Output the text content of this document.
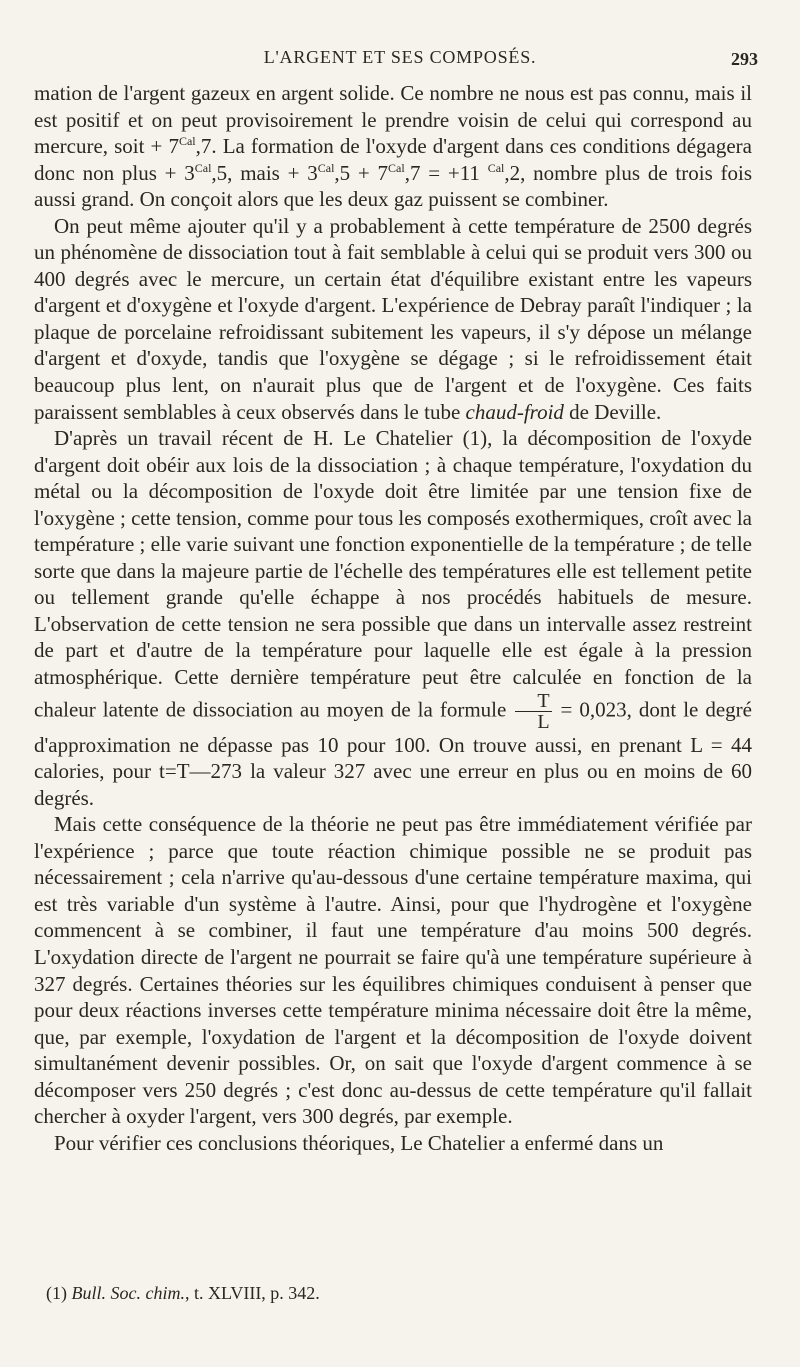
L'ARGENT ET SES COMPOSÉS.	293

mation de l'argent gazeux en argent solide. Ce nombre ne nous est pas connu, mais il est positif et on peut provisoirement le prendre voisin de celui qui correspond au mercure, soit + $7^{Cal},7$. La formation de l'oxyde d'argent dans ces conditions dégagera donc non plus + $3^{Cal},5$, mais + $3^{Cal},5 + 7^{Cal},7 = +11$ $^{Cal}$,2, nombre plus de trois fois aussi grand. On conçoit alors que les deux gaz puissent se combiner.

On peut même ajouter qu'il y a probablement à cette température de 2500 degrés un phénomène de dissociation tout à fait semblable à celui qui se produit vers 300 ou 400 degrés avec le mercure, un certain état d'équilibre existant entre les vapeurs d'argent et d'oxygène et l'oxyde d'argent. L'expérience de Debray paraît l'indiquer ; la plaque de porcelaine refroidissant subitement les vapeurs, il s'y dépose un mélange d'argent et d'oxyde, tandis que l'oxygène se dégage ; si le refroidissement était beaucoup plus lent, on n'aurait plus que de l'argent et de l'oxygène. Ces faits paraissent semblables à ceux observés dans le tube chaud-froid de Deville.

D'après un travail récent de H. Le Chatelier (1), la décomposition de l'oxyde d'argent doit obéir aux lois de la dissociation ; à chaque température, l'oxydation du métal ou la décomposition de l'oxyde doit être limitée par une tension fixe de l'oxygène ; cette tension, comme pour tous les composés exothermiques, croît avec la température ; elle varie suivant une fonction exponentielle de la température ; de telle sorte que dans la majeure partie de l'échelle des températures elle est tellement petite ou tellement grande qu'elle échappe à nos procédés habituels de mesure. L'observation de cette tension ne sera possible que dans un intervalle assez restreint de part et d'autre de la température pour laquelle elle est égale à la pression atmosphérique. Cette dernière température peut être calculée en fonction de la chaleur latente de dissociation au moyen de la formule $\frac{T}{L} = 0,023$, dont le degré d'approximation ne dépasse pas 10 pour 100. On trouve aussi, en prenant L = 44 calories, pour t=T—273 la valeur 327 avec une erreur en plus ou en moins de 60 degrés.

Mais cette conséquence de la théorie ne peut pas être immédiatement vérifiée par l'expérience ; parce que toute réaction chimique possible ne se produit pas nécessairement ; cela n'arrive qu'au-dessous d'une certaine température maxima, qui est très variable d'un système à l'autre. Ainsi, pour que l'hydrogène et l'oxygène commencent à se combiner, il faut une température d'au moins 500 degrés. L'oxydation directe de l'argent ne pourrait se faire qu'à une température supérieure à 327 degrés. Certaines théories sur les équilibres chimiques conduisent à penser que pour deux réactions inverses cette température minima nécessaire doit être la même, que, par exemple, l'oxydation de l'argent et la décomposition de l'oxyde doivent simultanément devenir possibles. Or, on sait que l'oxyde d'argent commence à se décomposer vers 250 degrés ; c'est donc au-dessus de cette température qu'il fallait chercher à oxyder l'argent, vers 300 degrés, par exemple.

Pour vérifier ces conclusions théoriques, Le Chatelier a enfermé dans un

(1) Bull. Soc. chim., t. XLVIII, p. 342.
